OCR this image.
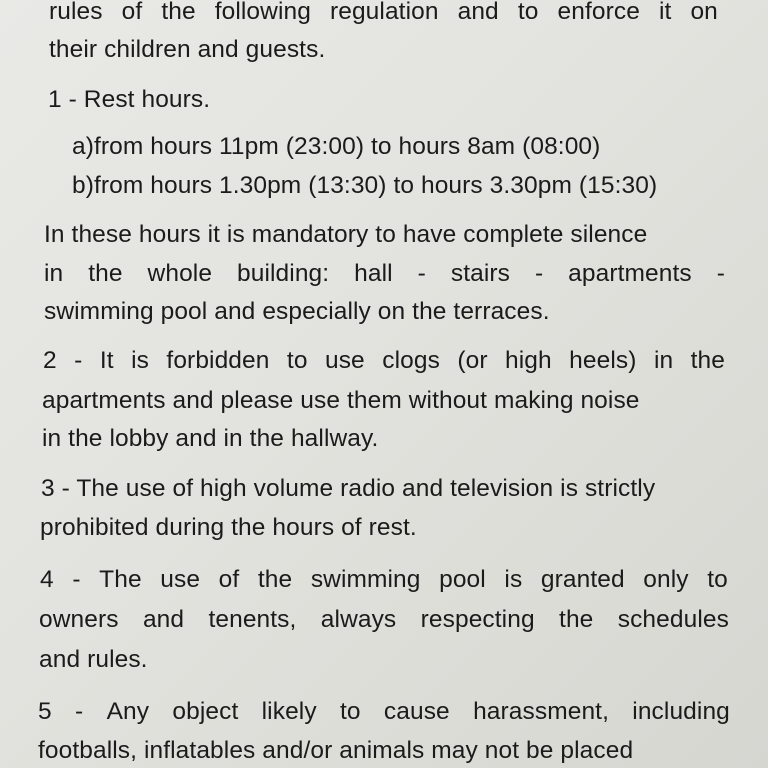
rules of the following regulation and to enforce it on
their children and guests.
1 - Rest hours.
a)from hours 11pm (23:00) to hours 8am (08:00)
b)from hours 1.30pm (13:30) to hours 3.30pm (15:30)
In these hours it is mandatory to have complete silence
in the whole building: hall - stairs - apartments -
swimming pool and especially on the terraces.
2 - It is forbidden to use clogs (or high heels) in the
apartments and please use them without making noise
in the lobby and in the hallway.
3 - The use of high volume radio and television is strictly
prohibited during the hours of rest.
4 - The use of the swimming pool is granted only to
owners and tenents, always respecting the schedules
and rules.
5 - Any object likely to cause harassment, including
footballs, inflatables and/or animals may not be placed
